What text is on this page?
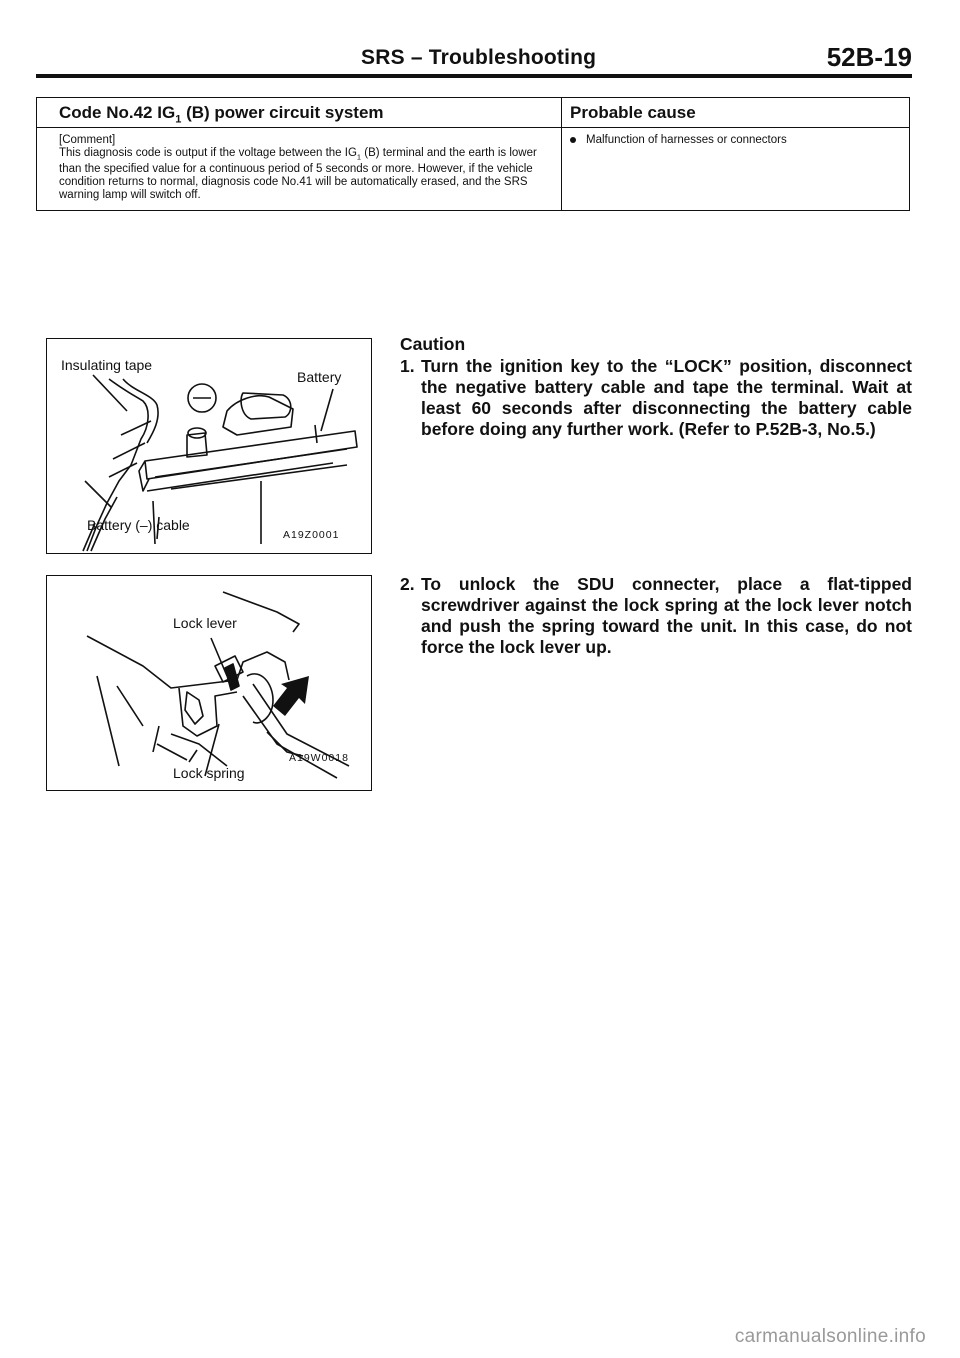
SRS – Troubleshooting	52B-19
Code No.42 $IG_1$ (B) power circuit system
[Comment]
This diagnosis code is output if the voltage between the $IG_1$ (B) terminal and the earth is lower than the specified value for a continuous period of 5 seconds or more. However, if the vehicle condition returns to normal, diagnosis code No.41 will be automatically erased, and the SRS warning lamp will switch off.
Probable cause
Malfunction of harnesses or connectors
Insulating tape
Battery
Battery (–) cable
A19Z0001
Lock lever
Lock spring
A19W0018
Caution
1. Turn the ignition key to the “LOCK” position, disconnect the negative battery cable and tape the terminal. Wait at least 60 seconds after disconnecting the battery cable before doing any further work. (Refer to P.52B-3, No.5.)
2. To unlock the SDU connecter, place a flat-tipped screwdriver against the lock spring at the lock lever notch and push the spring toward the unit. In this case, do not force the lock lever up.
carmanualsonline.info
